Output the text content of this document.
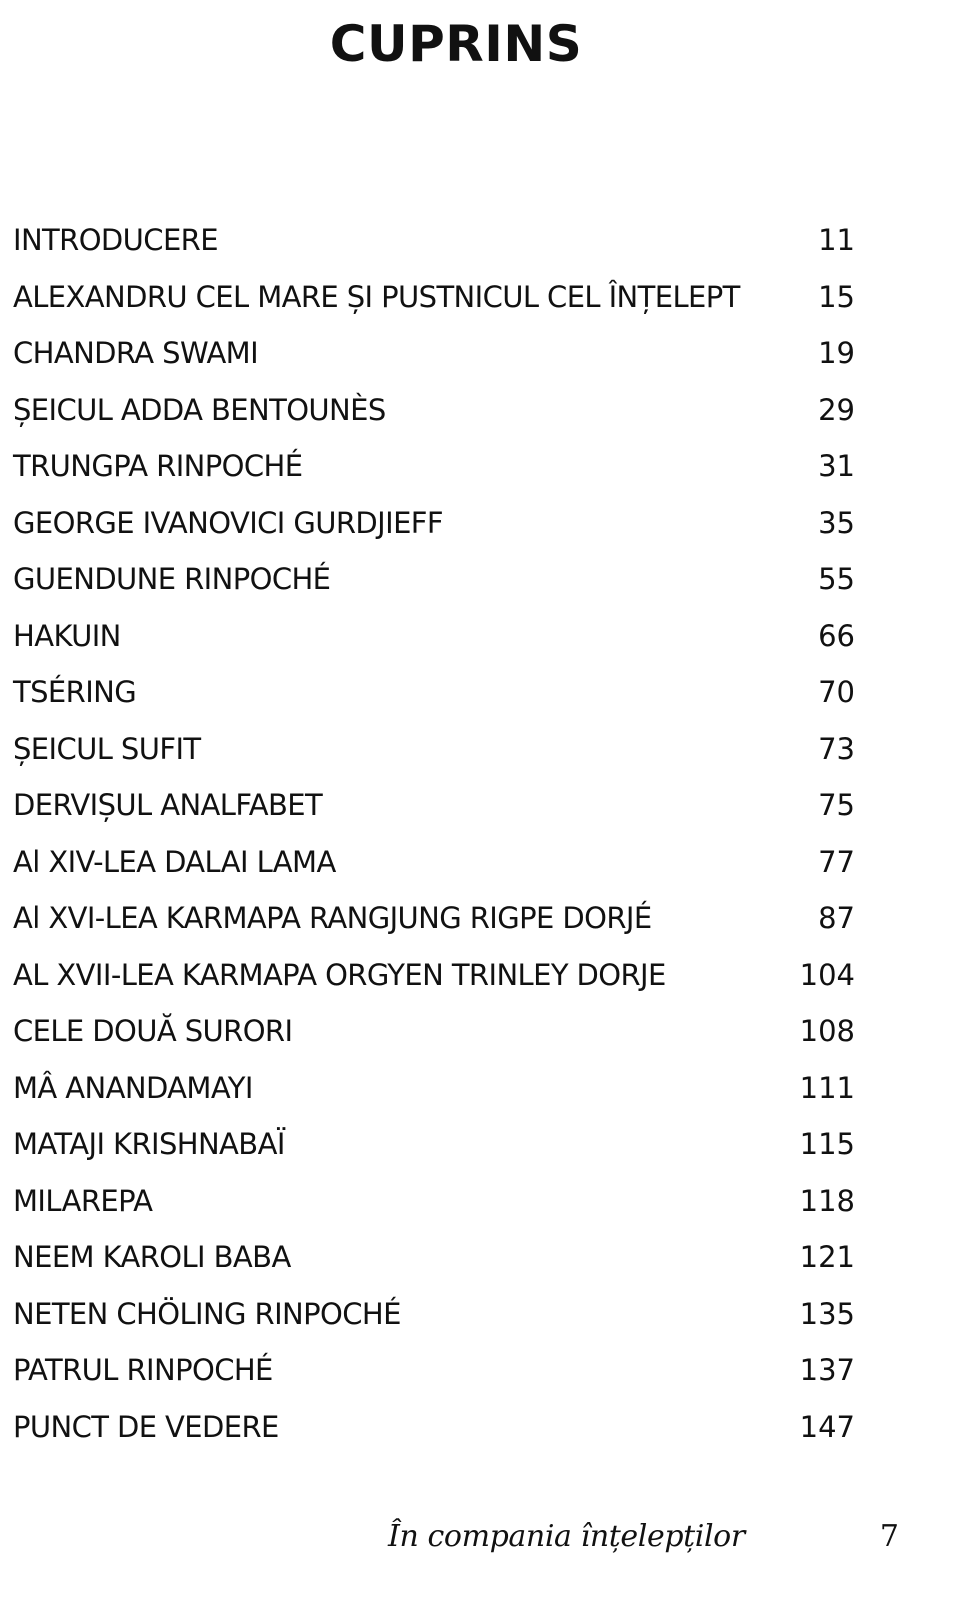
CUPRINS
INTRODUCERE	11
ALEXANDRU CEL MARE ȘI PUSTNICUL CEL ÎNȚELEPT	15
CHANDRA SWAMI	19
ȘEICUL ADDA BENTOUNÈS	29
TRUNGPA RINPOCHÉ	31
GEORGE IVANOVICI GURDJIEFF	35
GUENDUNE RINPOCHÉ	55
HAKUIN	66
TSÉRING	70
ȘEICUL SUFIT	73
DERVIȘUL ANALFABET	75
Al XIV-LEA DALAI LAMA	77
Al XVI-LEA KARMAPA RANGJUNG RIGPE DORJÉ	87
AL XVII-LEA KARMAPA ORGYEN TRINLEY DORJE	104
CELE DOUĂ SURORI	108
MÂ ANANDAMAYI	111
MATAJI KRISHNABAÏ	115
MILAREPA	118
NEEM KAROLI BABA	121
NETEN CHÖLING RINPOCHÉ	135
PATRUL RINPOCHÉ	137
PUNCT DE VEDERE	147
În compania înțelepților	7
